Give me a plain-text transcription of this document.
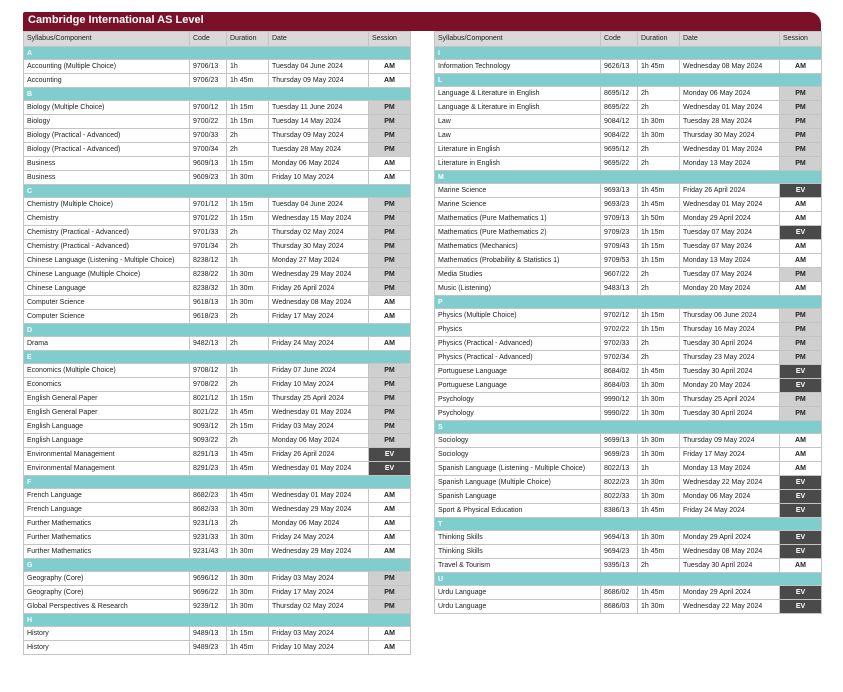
Cambridge International AS Level
Syllabus/Component	Code	Duration	Date	Session
A				
Accounting (Multiple Choice)	9706/13	1h	Tuesday 04 June 2024	AM
Accounting	9706/23	1h 45m	Thursday 09 May 2024	AM
B				
Biology (Multiple Choice)	9700/12	1h 15m	Tuesday 11 June 2024	PM
Biology	9700/22	1h 15m	Tuesday 14 May 2024	PM
Biology (Practical - Advanced)	9700/33	2h	Thursday 09 May 2024	PM
Biology (Practical - Advanced)	9700/34	2h	Tuesday 28 May 2024	PM
Business	9609/13	1h 15m	Monday 06 May 2024	AM
Business	9609/23	1h 30m	Friday 10 May 2024	AM
C				
Chemistry (Multiple Choice)	9701/12	1h 15m	Tuesday 04 June 2024	PM
Chemistry	9701/22	1h 15m	Wednesday 15 May 2024	PM
Chemistry (Practical - Advanced)	9701/33	2h	Thursday 02 May 2024	PM
Chemistry (Practical - Advanced)	9701/34	2h	Thursday 30 May 2024	PM
Chinese Language (Listening - Multiple Choice)	8238/12	1h	Monday 27 May 2024	PM
Chinese Language (Multiple Choice)	8238/22	1h 30m	Wednesday 29 May 2024	PM
Chinese Language	8238/32	1h 30m	Friday 26 April 2024	PM
Computer Science	9618/13	1h 30m	Wednesday 08 May 2024	AM
Computer Science	9618/23	2h	Friday 17 May 2024	AM
D				
Drama	9482/13	2h	Friday 24 May 2024	AM
E				
Economics (Multiple Choice)	9708/12	1h	Friday 07 June 2024	PM
Economics	9708/22	2h	Friday 10 May 2024	PM
English General Paper	8021/12	1h 15m	Thursday 25 April 2024	PM
English General Paper	8021/22	1h 45m	Wednesday 01 May 2024	PM
English Language	9093/12	2h 15m	Friday 03 May 2024	PM
English Language	9093/22	2h	Monday 06 May 2024	PM
Environmental Management	8291/13	1h 45m	Friday 26 April 2024	EV
Environmental Management	8291/23	1h 45m	Wednesday 01 May 2024	EV
F				
French Language	8682/23	1h 45m	Wednesday 01 May 2024	AM
French Language	8682/33	1h 30m	Wednesday 29 May 2024	AM
Further Mathematics	9231/13	2h	Monday 06 May 2024	AM
Further Mathematics	9231/33	1h 30m	Friday 24 May 2024	AM
Further Mathematics	9231/43	1h 30m	Wednesday 29 May 2024	AM
G				
Geography (Core)	9696/12	1h 30m	Friday 03 May 2024	PM
Geography (Core)	9696/22	1h 30m	Friday 17 May 2024	PM
Global Perspectives & Research	9239/12	1h 30m	Thursday 02 May 2024	PM
H				
History	9489/13	1h 15m	Friday 03 May 2024	AM
History	9489/23	1h 45m	Friday 10 May 2024	AM
Syllabus/Component	Code	Duration	Date	Session
I				
Information Technology	9626/13	1h 45m	Wednesday 08 May 2024	AM
L				
Language & Literature in English	8695/12	2h	Monday 06 May 2024	PM
Language & Literature in English	8695/22	2h	Wednesday 01 May 2024	PM
Law	9084/12	1h 30m	Tuesday 28 May 2024	PM
Law	9084/22	1h 30m	Thursday 30 May 2024	PM
Literature in English	9695/12	2h	Wednesday 01 May 2024	PM
Literature in English	9695/22	2h	Monday 13 May 2024	PM
M				
Marine Science	9693/13	1h 45m	Friday 26 April 2024	EV
Marine Science	9693/23	1h 45m	Wednesday 01 May 2024	AM
Mathematics (Pure Mathematics 1)	9709/13	1h 50m	Monday 29 April 2024	AM
Mathematics (Pure Mathematics 2)	9709/23	1h 15m	Tuesday 07 May 2024	EV
Mathematics (Mechanics)	9709/43	1h 15m	Tuesday 07 May 2024	AM
Mathematics (Probability & Statistics 1)	9709/53	1h 15m	Monday 13 May 2024	AM
Media Studies	9607/22	2h	Tuesday 07 May 2024	PM
Music (Listening)	9483/13	2h	Monday 20 May 2024	AM
P				
Physics (Multiple Choice)	9702/12	1h 15m	Thursday 06 June 2024	PM
Physics	9702/22	1h 15m	Thursday 16 May 2024	PM
Physics (Practical - Advanced)	9702/33	2h	Tuesday 30 April 2024	PM
Physics (Practical - Advanced)	9702/34	2h	Thursday 23 May 2024	PM
Portuguese Language	8684/02	1h 45m	Tuesday 30 April 2024	EV
Portuguese Language	8684/03	1h 30m	Monday 20 May 2024	EV
Psychology	9990/12	1h 30m	Thursday 25 April 2024	PM
Psychology	9990/22	1h 30m	Tuesday 30 April 2024	PM
S				
Sociology	9699/13	1h 30m	Thursday 09 May 2024	AM
Sociology	9699/23	1h 30m	Friday 17 May 2024	AM
Spanish Language (Listening - Multiple Choice)	8022/13	1h	Monday 13 May 2024	AM
Spanish Language (Multiple Choice)	8022/23	1h 30m	Wednesday 22 May 2024	EV
Spanish Language	8022/33	1h 30m	Monday 06 May 2024	EV
Sport & Physical Education	8386/13	1h 45m	Friday 24 May 2024	EV
T				
Thinking Skills	9694/13	1h 30m	Monday 29 April 2024	EV
Thinking Skills	9694/23	1h 45m	Wednesday 08 May 2024	EV
Travel & Tourism	9395/13	2h	Tuesday 30 April 2024	AM
U				
Urdu Language	8686/02	1h 45m	Monday 29 April 2024	EV
Urdu Language	8686/03	1h 30m	Wednesday 22 May 2024	EV
